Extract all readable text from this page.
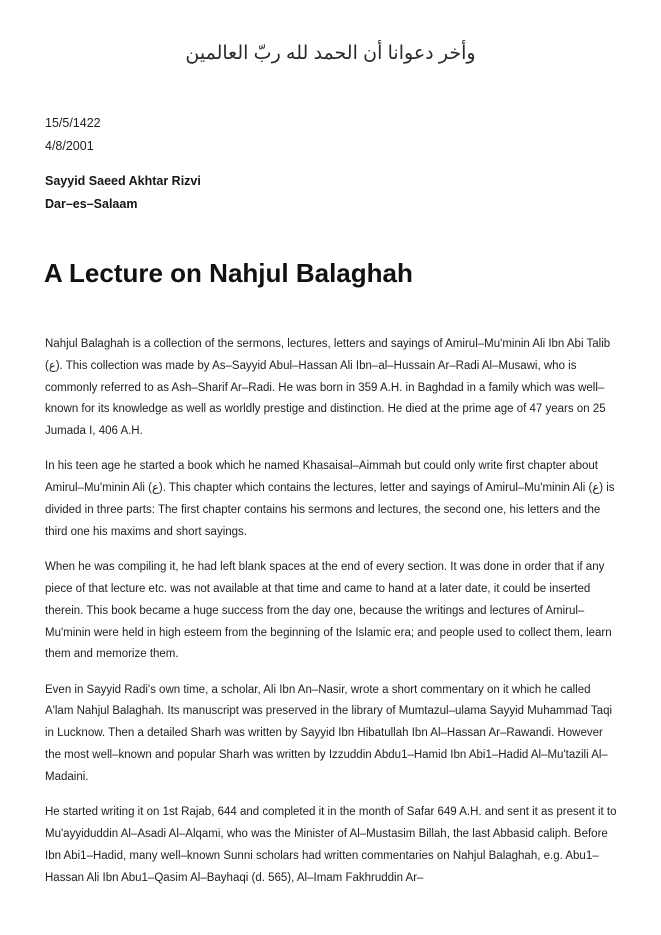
وأخر دعوانا أن الحمد لله ربّ العالمين
15/5/1422
4/8/2001
Sayyid Saeed Akhtar Rizvi
Dar–es–Salaam
A Lecture on Nahjul Balaghah

Nahjul Balaghah is a collection of the sermons, lectures, letters and sayings of Amirul–Mu'minin Ali Ibn Abi Talib (ع). This collection was made by As–Sayyid Abul–Hassan Ali Ibn–al–Hussain Ar–Radi Al–Musawi, who is commonly referred to as Ash–Sharif Ar–Radi. He was born in 359 A.H. in Baghdad in a family which was well–known for its knowledge as well as worldly prestige and distinction. He died at the prime age of 47 years on 25 Jumada I, 406 A.H.

In his teen age he started a book which he named Khasaisal–Aimmah but could only write first chapter about Amirul–Mu'minin Ali (ع). This chapter which contains the lectures, letter and sayings of Amirul–Mu'minin Ali (ع) is divided in three parts: The first chapter contains his sermons and lectures, the second one, his letters and the third one his maxims and short sayings.

When he was compiling it, he had left blank spaces at the end of every section. It was done in order that if any piece of that lecture etc. was not available at that time and came to hand at a later date, it could be inserted therein. This book became a huge success from the day one, because the writings and lectures of Amirul–Mu'minin were held in high esteem from the beginning of the Islamic era; and people used to collect them, learn them and memorize them.

Even in Sayyid Radi's own time, a scholar, Ali Ibn An–Nasir, wrote a short commentary on it which he called A'lam Nahjul Balaghah. Its manuscript was preserved in the library of Mumtazul–ulama Sayyid Muhammad Taqi in Lucknow. Then a detailed Sharh was written by Sayyid Ibn Hibatullah Ibn Al–Hassan Ar–Rawandi. However the most well–known and popular Sharh was written by Izzuddin Abdu1–Hamid Ibn Abi1–Hadid Al–Mu'tazili Al–Madaini.

He started writing it on 1st Rajab, 644 and completed it in the month of Safar 649 A.H. and sent it as present it to Mu'ayyiduddin Al–Asadi Al–Alqami, who was the Minister of Al–Mustasim Billah, the last Abbasid caliph. Before Ibn Abi1–Hadid, many well–known Sunni scholars had written commentaries on Nahjul Balaghah, e.g. Abu1–Hassan Ali Ibn Abu1–Qasim Al–Bayhaqi (d. 565), Al–Imam Fakhruddin Ar–
